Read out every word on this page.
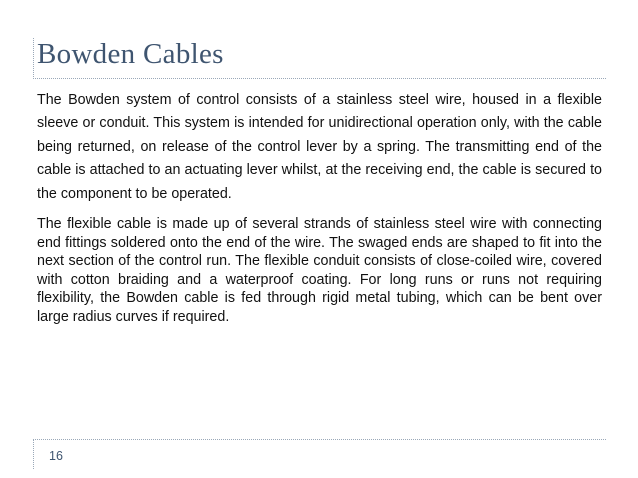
Bowden Cables

The Bowden system of control consists of a stainless steel wire, housed in a flexible sleeve or conduit. This system is intended for unidirectional operation only, with the cable being returned, on release of the control lever by a spring. The transmitting end of the cable is attached to an actuating lever whilst, at the receiving end, the cable is secured to the component to be operated.

The flexible cable is made up of several strands of stainless steel wire with connecting end fittings soldered onto the end of the wire. The swaged ends are shaped to fit into the next section of the control run. The flexible conduit consists of close-coiled wire, covered with cotton braiding and a waterproof coating. For long runs or runs not requiring flexibility, the Bowden cable is fed through rigid metal tubing, which can be bent over large radius curves if required.

16
